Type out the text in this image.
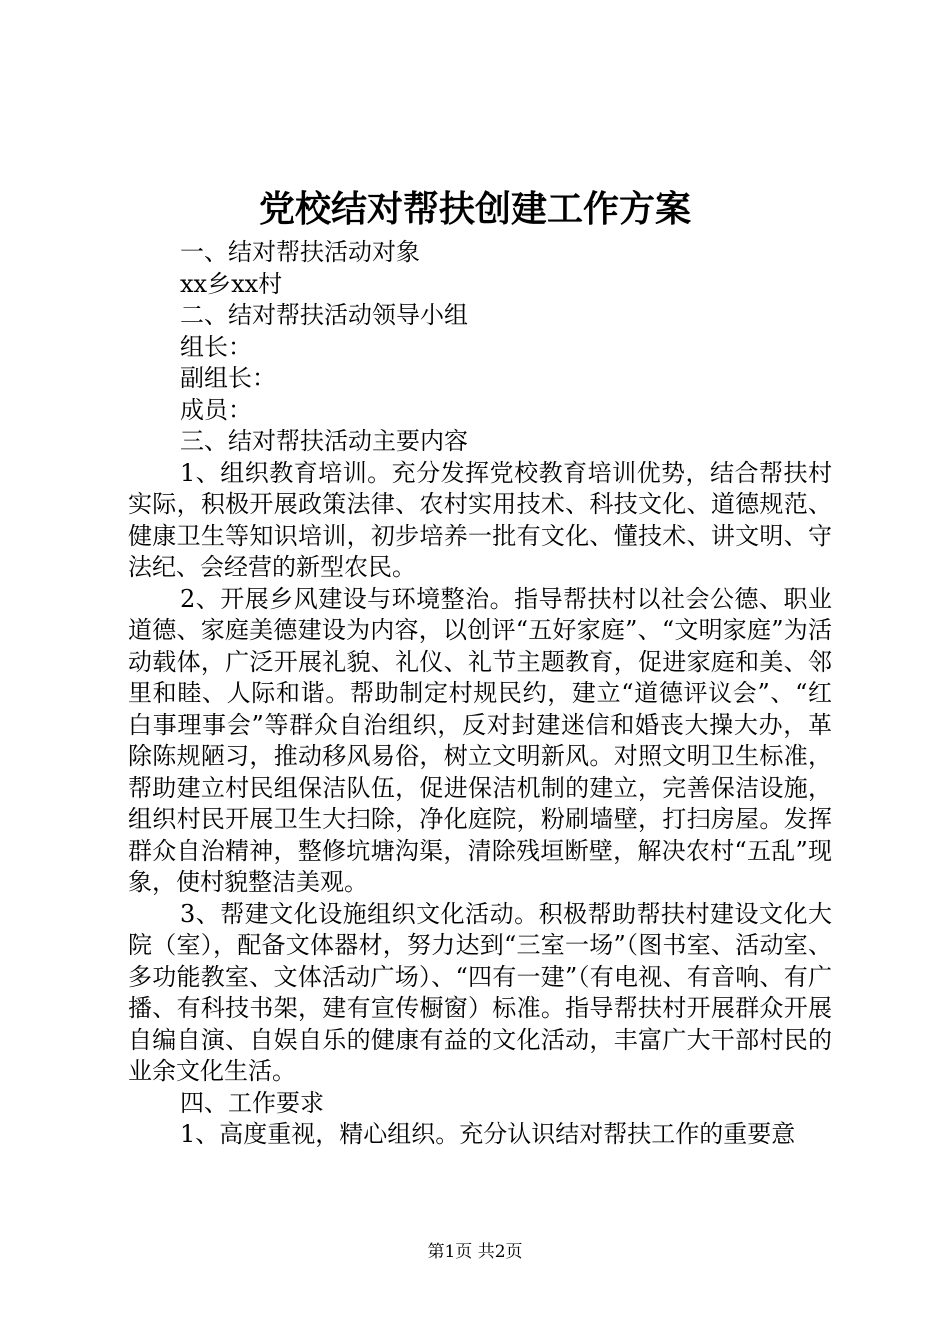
党校结对帮扶创建工作方案

一、结对帮扶活动对象

xx乡xx村

二、结对帮扶活动领导小组

组长：

副组长：

成员：

三、结对帮扶活动主要内容

1、组织教育培训。充分发挥党校教育培训优势，结合帮扶村实际，积极开展政策法律、农村实用技术、科技文化、道德规范、健康卫生等知识培训，初步培养一批有文化、懂技术、讲文明、守法纪、会经营的新型农民。

2、开展乡风建设与环境整治。指导帮扶村以社会公德、职业道德、家庭美德建设为内容，以创评“五好家庭”、“文明家庭”为活动载体，广泛开展礼貌、礼仪、礼节主题教育，促进家庭和美、邻里和睦、人际和谐。帮助制定村规民约，建立“道德评议会”、“红白事理事会”等群众自治组织，反对封建迷信和婚丧大操大办，革除陈规陋习，推动移风易俗，树立文明新风。对照文明卫生标准，帮助建立村民组保洁队伍，促进保洁机制的建立，完善保洁设施，组织村民开展卫生大扫除，净化庭院，粉刷墙壁，打扫房屋。发挥群众自治精神，整修坑塘沟渠，清除残垣断壁，解决农村“五乱”现象，使村貌整洁美观。

3、帮建文化设施组织文化活动。积极帮助帮扶村建设文化大院（室），配备文体器材，努力达到“三室一场”（图书室、活动室、多功能教室、文体活动广场）、“四有一建”（有电视、有音响、有广播、有科技书架，建有宣传橱窗）标准。指导帮扶村开展群众开展自编自演、自娱自乐的健康有益的文化活动，丰富广大干部村民的业余文化生活。

四、工作要求

1、高度重视，精心组织。充分认识结对帮扶工作的重要意

第1页 共2页
